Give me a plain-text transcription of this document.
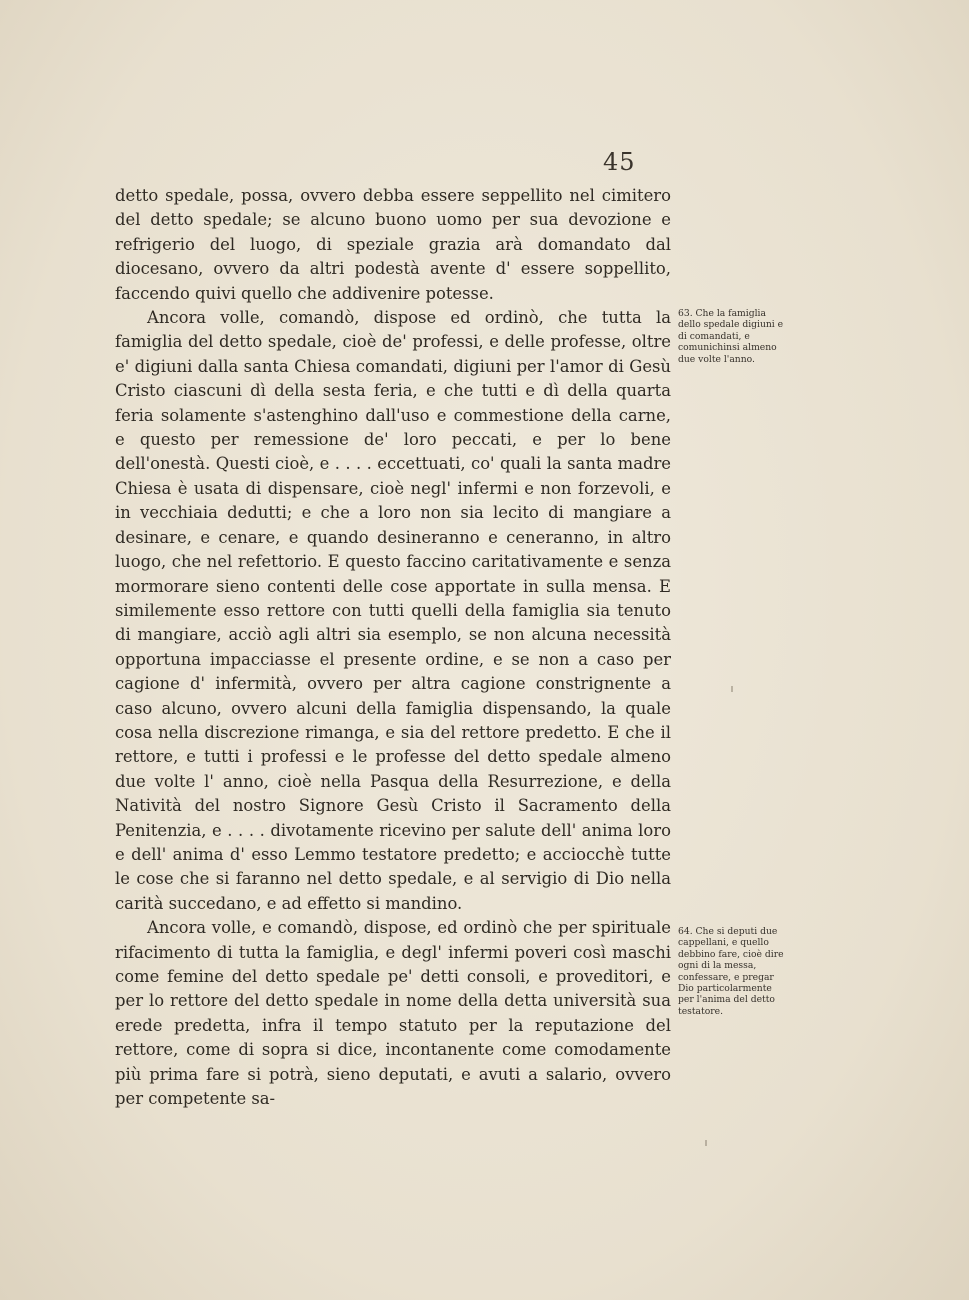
45

detto spedale, possa, ovvero debba essere seppellito nel cimitero del detto spedale; se alcuno buono uomo per sua devozione e refrigerio del luogo, di speziale grazia arà domandato dal diocesano, ovvero da altri podestà avente d' essere soppellito, faccendo quivi quello che addivenire potesse.

Ancora volle, comandò, dispose ed ordinò, che tutta la famiglia del detto spedale, cioè de' professi, e delle professe, oltre e' digiuni dalla santa Chiesa comandati, digiuni per l'amor di Gesù Cristo ciascuni dì della sesta feria, e che tutti e dì della quarta feria solamente s'astenghino dall'uso e commestione della carne, e questo per remessione de' loro peccati, e per lo bene dell'onestà. Questi cioè, e . . . . eccettuati, co' quali la santa madre Chiesa è usata di dispensare, cioè negl' infermi e non forzevoli, e in vecchiaia dedutti; e che a loro non sia lecito di mangiare a desinare, e cenare, e quando desineranno e ceneranno, in altro luogo, che nel refettorio. E questo faccino caritativamente e senza mormorare sieno contenti delle cose apportate in sulla mensa. E similemente esso rettore con tutti quelli della famiglia sia tenuto di mangiare, acciò agli altri sia esemplo, se non alcuna necessità opportuna impacciasse el presente ordine, e se non a caso per cagione d' infermità, ovvero per altra cagione constrignente a caso alcuno, ovvero alcuni della famiglia dispensando, la quale cosa nella discrezione rimanga, e sia del rettore predetto. E che il rettore, e tutti i professi e le professe del detto spedale almeno due volte l' anno, cioè nella Pasqua della Resurrezione, e della Natività del nostro Signore Gesù Cristo il Sacramento della Penitenzia, e . . . . divotamente ricevino per salute dell' anima loro e dell' anima d' esso Lemmo testatore predetto; e acciocchè tutte le cose che si faranno nel detto spedale, e al servigio di Dio nella carità succedano, e ad effetto si mandino.

Ancora volle, e comandò, dispose, ed ordinò che per spirituale rifacimento di tutta la famiglia, e degl' infermi poveri così maschi come femine del detto spedale pe' detti consoli, e proveditori, e per lo rettore del detto spedale in nome della detta università sua erede predetta, infra il tempo statuto per la reputazione del rettore, come di sopra si dice, incontanente come comodamente più prima fare si potrà, sieno deputati, e avuti a salario, ovvero per competente sa-

63. Che la famiglia dello spedale digiuni e di comandati, e comunichinsi almeno due volte l'anno.
64. Che si deputi due cappellani, e quello debbino fare, cioè dire ogni di la messa, confessare, e pregar Dio particolarmente per l'anima del detto testatore.
